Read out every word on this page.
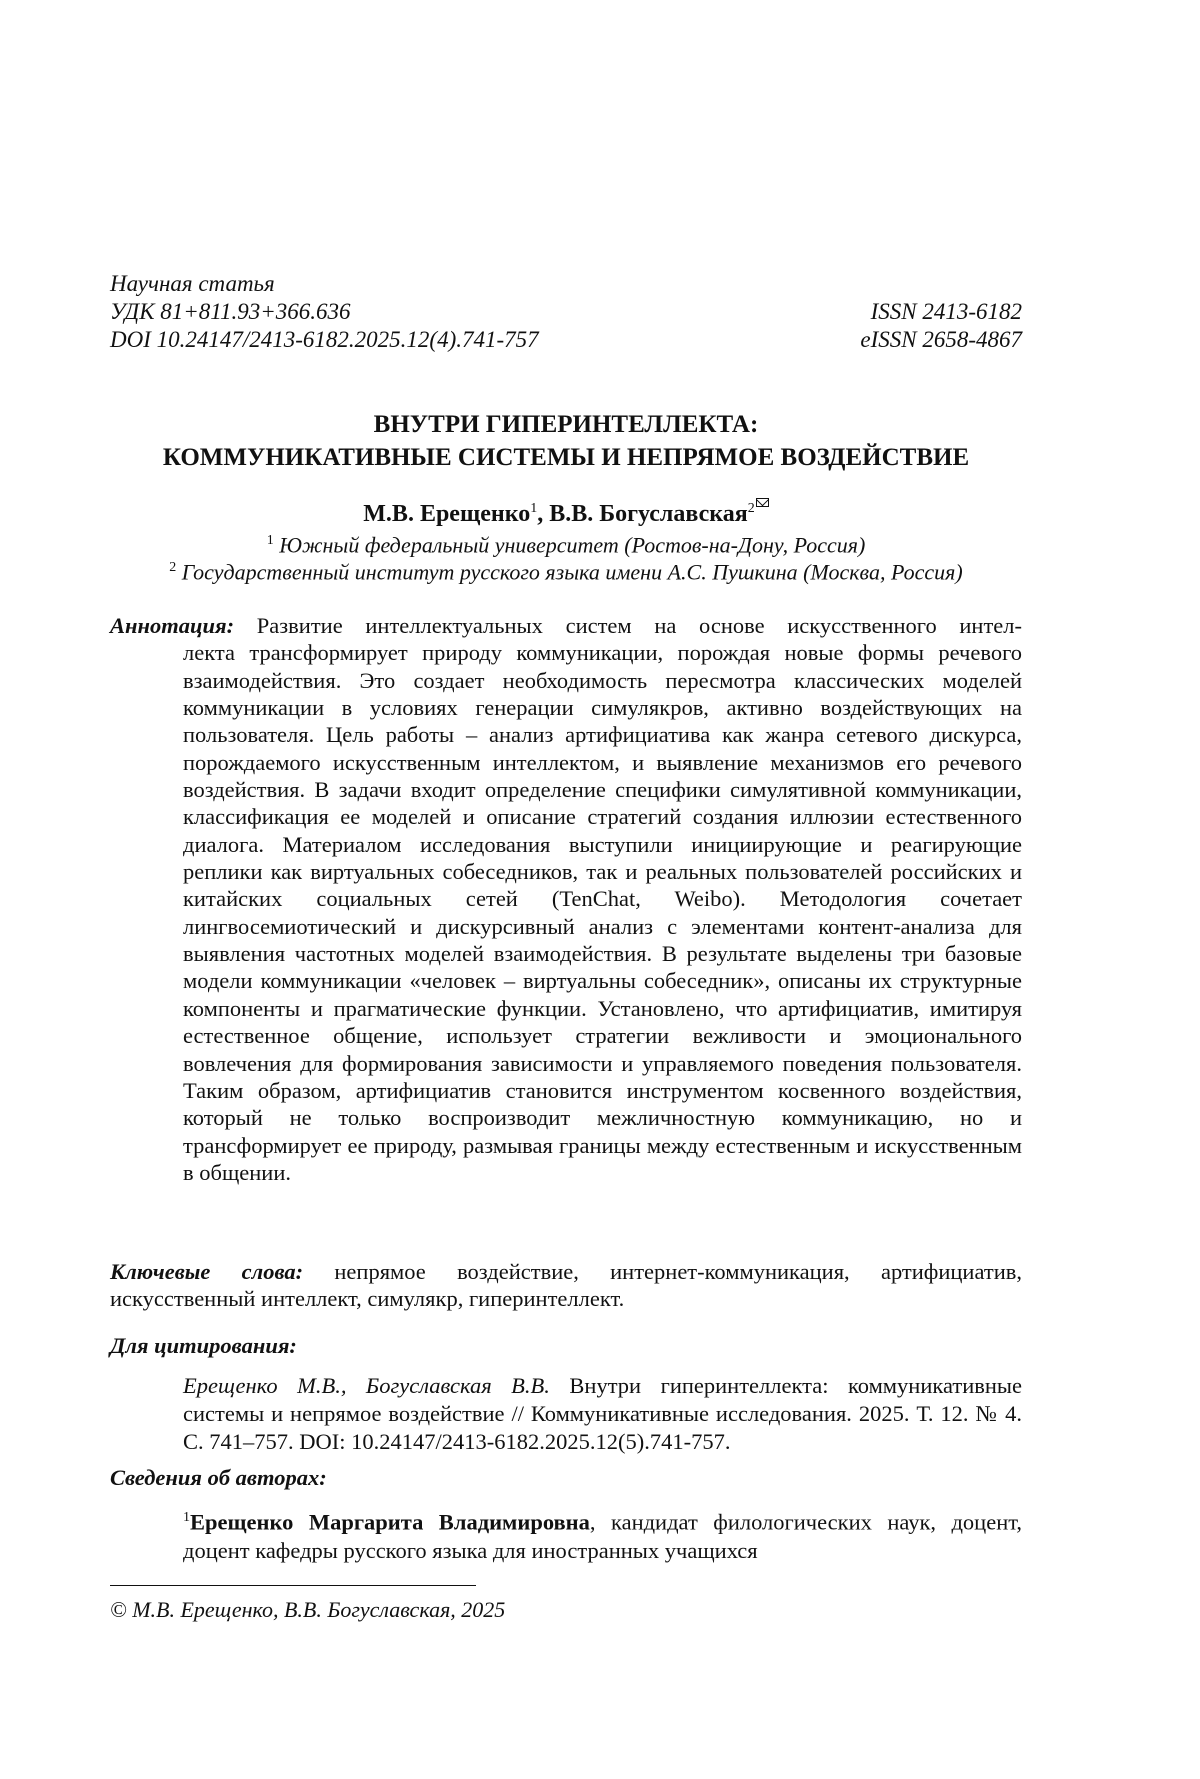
Научная статья
УДК 81+811.93+366.636	ISSN 2413-6182
DOI 10.24147/2413-6182.2025.12(4).741-757	eISSN 2658-4867
ВНУТРИ ГИПЕРИНТЕЛЛЕКТА:
КОММУНИКАТИВНЫЕ СИСТЕМЫ И НЕПРЯМОЕ ВОЗДЕЙСТВИЕ
М.В. Ерещенко$^1$, В.В. Богуславская$^2$
$^1$ Южный федеральный университет (Ростов-на-Дону, Россия)
$^2$ Государственный институт русского языка имени А.С. Пушкина (Москва, Россия)
Аннотация: Развитие интеллектуальных систем на основе искусственного интел-
лекта трансформирует природу коммуникации, порождая новые формы речевого взаимодействия. Это создает необходимость пересмотра классических моделей коммуникации в условиях генерации симулякров, активно воздействующих на пользователя. Цель работы – анализ артифициатива как жанра сетевого дискурса, порождаемого искусственным интеллектом, и выявление механизмов его речевого воздействия. В задачи входит определение специфики симулятивной коммуникации, классификация ее моделей и описание стратегий создания иллюзии естественного диалога. Материалом исследования выступили инициирующие и реагирующие реплики как виртуальных собеседников, так и реальных пользователей российских и китайских социальных сетей (TenChat, Weibo). Методология сочетает лингвосемиотический и дискурсивный анализ с элементами контент-анализа для выявления частотных моделей взаимодействия. В результате выделены три базовые модели коммуникации «человек – виртуальны собеседник», описаны их структурные компоненты и прагматические функции. Установлено, что артифициатив, имитируя естественное общение, использует стратегии вежливости и эмоционального вовлечения для формирования зависимости и управляемого поведения пользователя. Таким образом, артифициатив становится инструментом косвенного воздействия, который не только воспроизводит межличностную коммуникацию, но и трансформирует ее природу, размывая границы между естественным и искусственным в общении.
Ключевые слова: непрямое воздействие, интернет-коммуникация, артифициатив, искусственный интеллект, симулякр, гиперинтеллект.
Для цитирования:
Ерещенко М.В., Богуславская В.В. Внутри гиперинтеллекта: коммуникативные системы и непрямое воздействие // Коммуникативные исследования. 2025. Т. 12. № 4. С. 741–757. DOI: 10.24147/2413-6182.2025.12(5).741-757.
Сведения об авторах:
$^1$Ерещенко Маргарита Владимировна, кандидат филологических наук, доцент, доцент кафедры русского языка для иностранных учащихся
© М.В. Ерещенко, В.В. Богуславская, 2025
